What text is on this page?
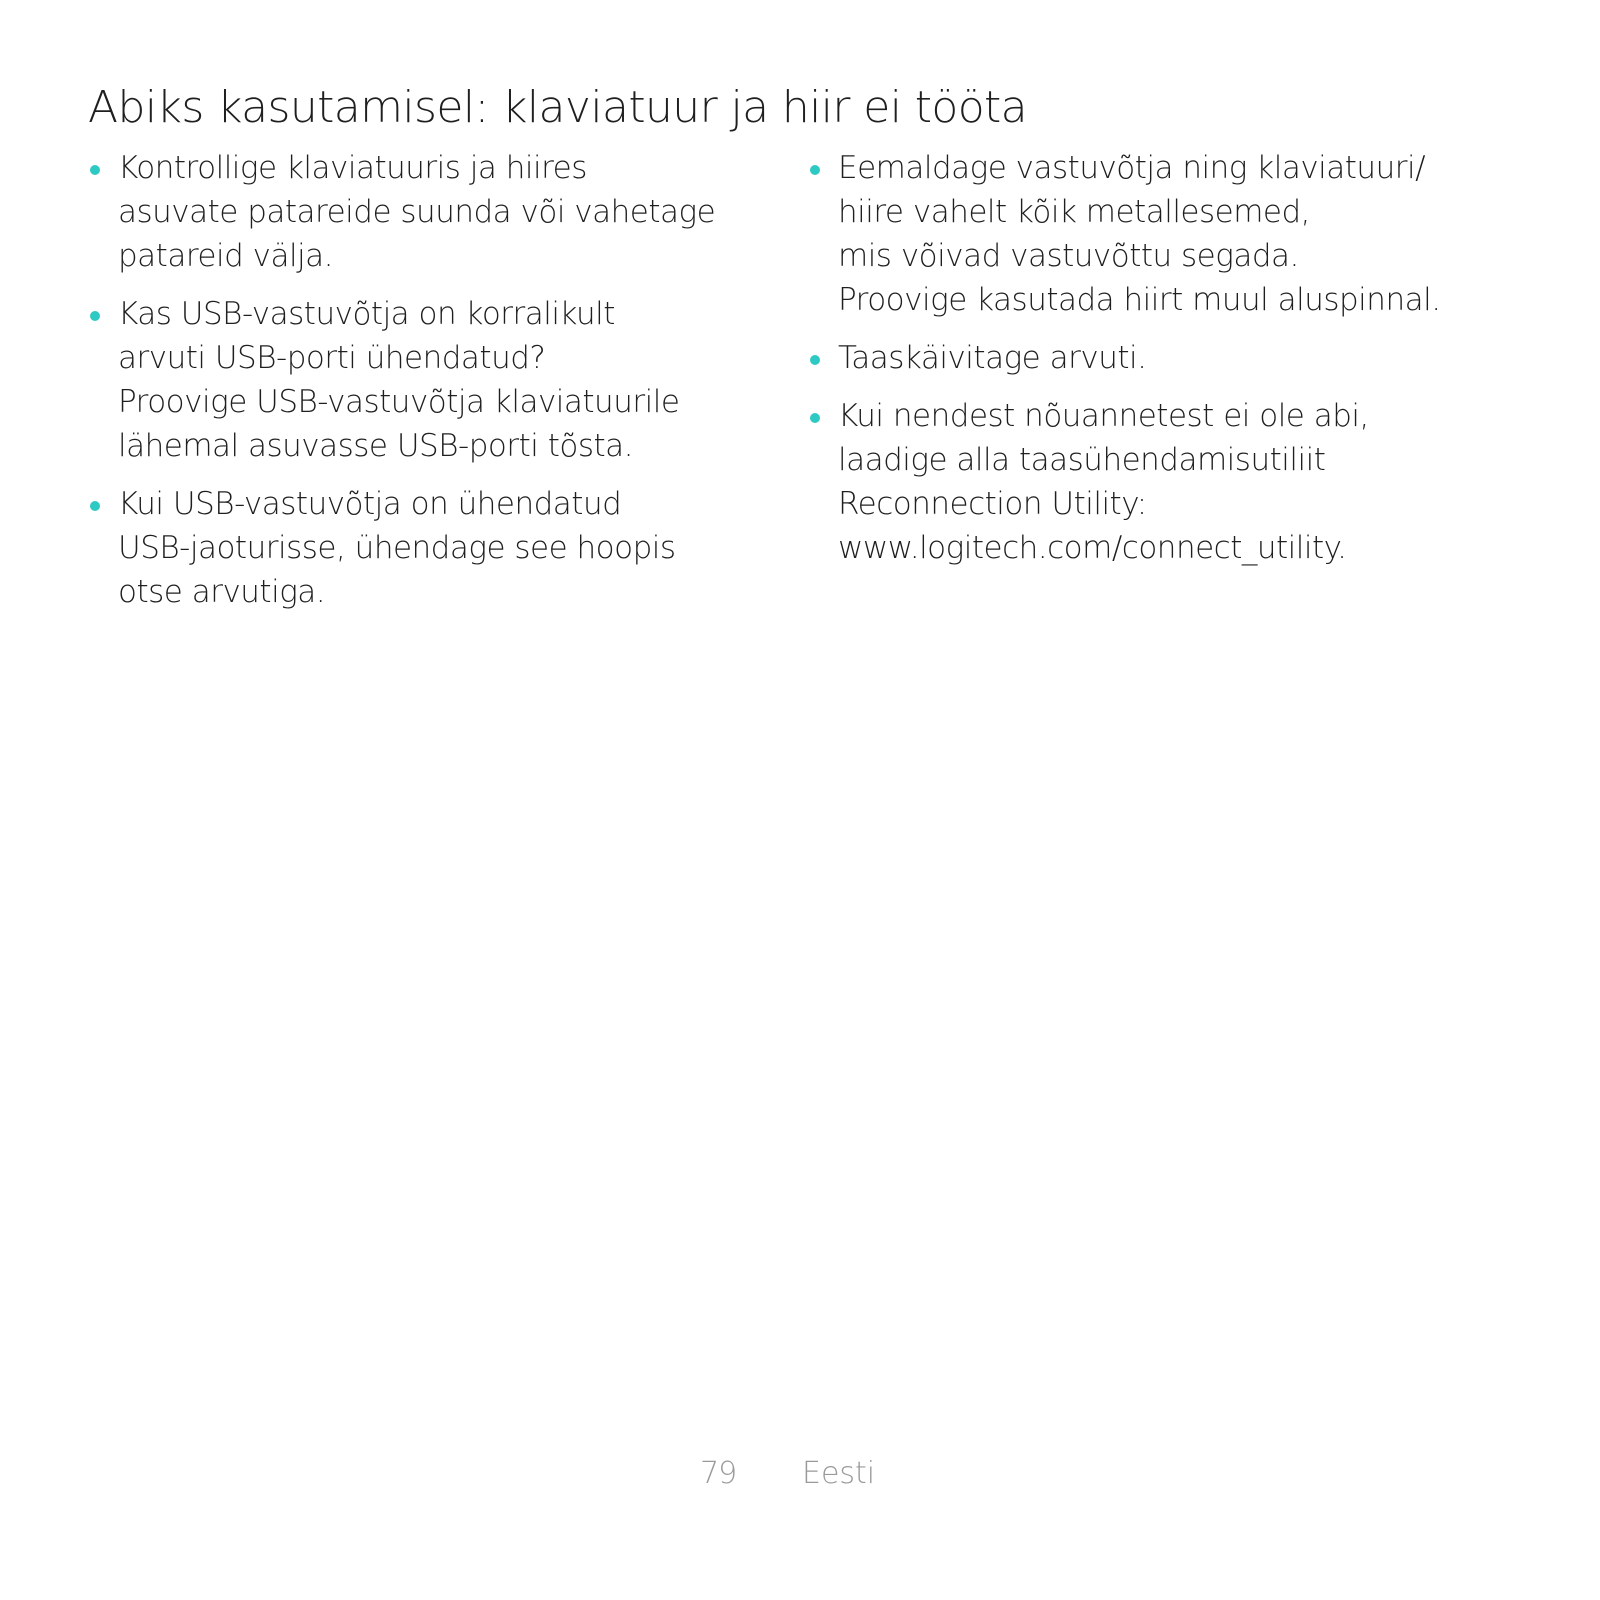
Abiks kasutamisel: klaviatuur ja hiir ei tööta
Kontrollige klaviatuuris ja hiires
asuvate patareide suunda või vahetage
patareid välja.
Kas USB-vastuvõtja on korralikult
arvuti USB-porti ühendatud?
Proovige USB-vastuvõtja klaviatuurile
lähemal asuvasse USB-porti tõsta.
Kui USB-vastuvõtja on ühendatud
USB-jaoturisse, ühendage see hoopis
otse arvutiga.
Eemaldage vastuvõtja ning klaviatuuri/
hiire vahelt kõik metallesemed,
mis võivad vastuvõttu segada.
Proovige kasutada hiirt muul aluspinnal.
Taaskäivitage arvuti.
Kui nendest nõuannetest ei ole abi,
laadige alla taasühendamisutiliit
Reconnection Utility:
www.logitech.com/connect_utility.
79 Eesti
